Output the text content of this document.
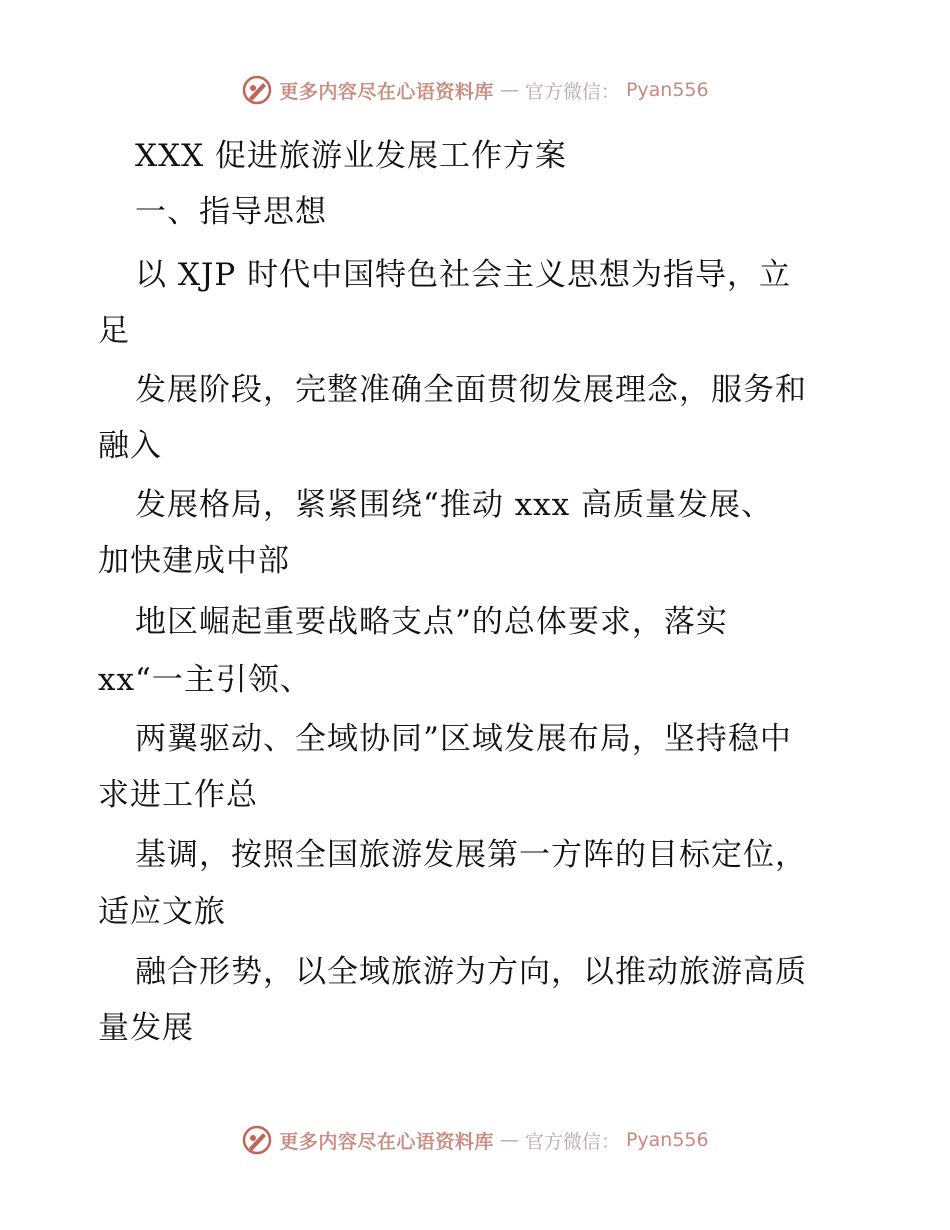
更多内容尽在心语资料库 — 官方微信： Pyan556
XXX 促进旅游业发展工作方案
一、指导思想
以 XJP 时代中国特色社会主义思想为指导，立
足
发展阶段，完整准确全面贯彻发展理念，服务和
融入
发展格局，紧紧围绕“推动 xxx 高质量发展、
加快建成中部
地区崛起重要战略支点”的总体要求，落实
xx“一主引领、
两翼驱动、全域协同”区域发展布局，坚持稳中
求进工作总
基调，按照全国旅游发展第一方阵的目标定位，
适应文旅
融合形势，以全域旅游为方向，以推动旅游高质
量发展
更多内容尽在心语资料库 — 官方微信： Pyan556
